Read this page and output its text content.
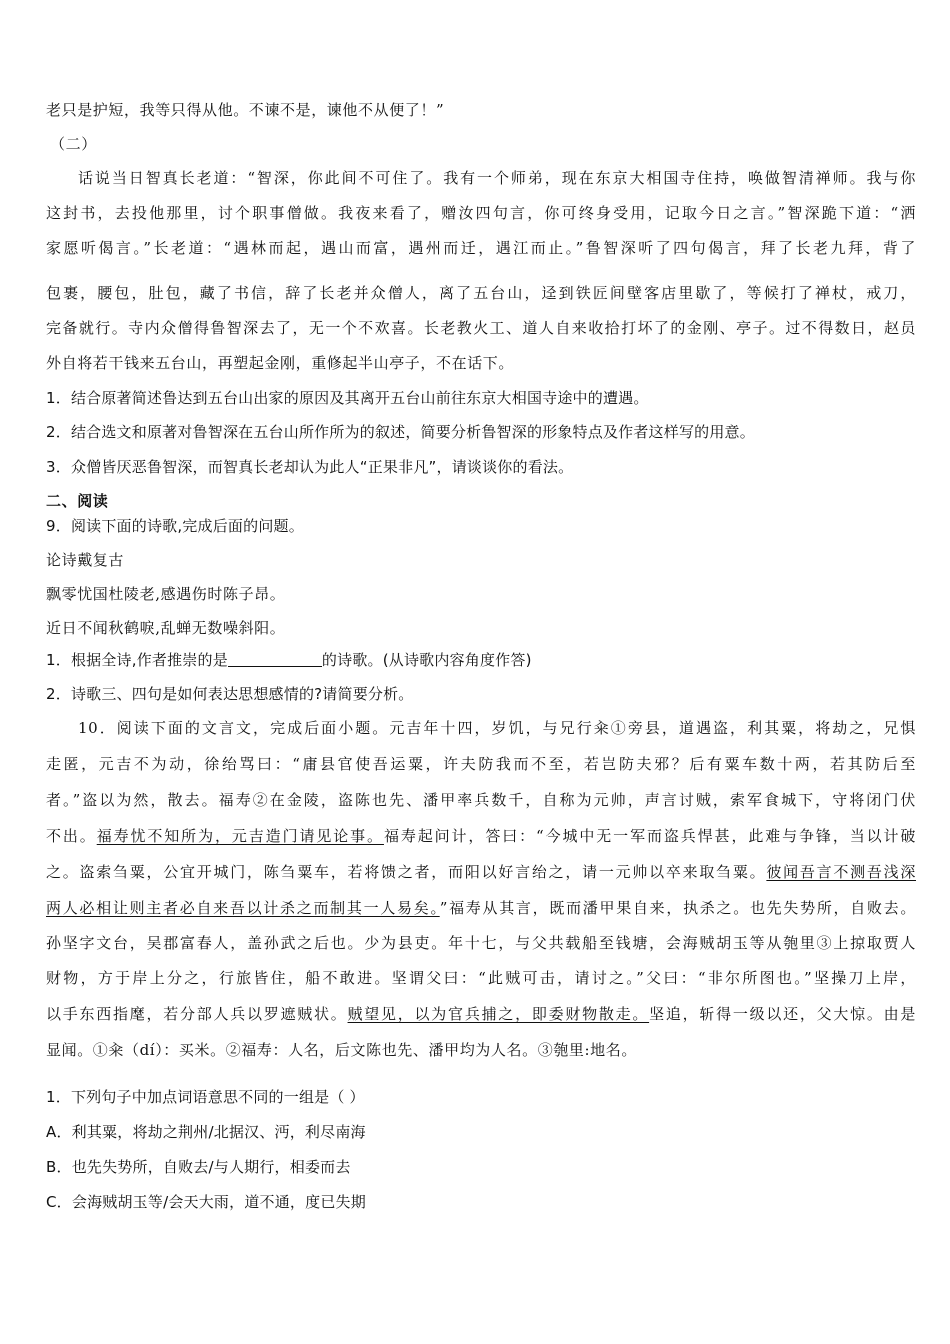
老只是护短，我等只得从他。不谏不是，谏他不从便了！”
（二）
话说当日智真长老道：“智深，你此间不可住了。我有一个师弟，现在东京大相国寺住持，唤做智清禅师。我与你
这封书，去投他那里，讨个职事僧做。我夜来看了，赠汝四句言，你可终身受用，记取今日之言。”智深跪下道：“洒
家愿听偈言。”长老道：“遇林而起，遇山而富，遇州而迁，遇江而止。”鲁智深听了四句偈言，拜了长老九拜，背了
包裹，腰包，肚包，藏了书信，辞了长老并众僧人，离了五台山，迳到铁匠间壁客店里歇了，等候打了禅杖，戒刀，
完备就行。寺内众僧得鲁智深去了，无一个不欢喜。长老教火工、道人自来收拾打坏了的金刚、亭子。过不得数日，赵员
外自将若干钱来五台山，再塑起金刚，重修起半山亭子，不在话下。
1．结合原著简述鲁达到五台山出家的原因及其离开五台山前往东京大相国寺途中的遭遇。
2．结合选文和原著对鲁智深在五台山所作所为的叙述，简要分析鲁智深的形象特点及作者这样写的用意。
3．众僧皆厌恶鲁智深，而智真长老却认为此人“正果非凡”，请谈谈你的看法。
二、阅读
9．阅读下面的诗歌,完成后面的问题。
论诗戴复古
飘零忧国杜陵老,感遇伤时陈子昂。
近日不闻秋鹤唳,乱蝉无数噪斜阳。
1．根据全诗,作者推崇的是	的诗歌。(从诗歌内容角度作答)
2．诗歌三、四句是如何表达思想感情的?请简要分析。
10．阅读下面的文言文，完成后面小题。元吉年十四，岁饥，与兄行籴①旁县，道遇盗，利其粟，将劫之，兄惧
走匿，元吉不为动，徐绐骂曰：“庸县官使吾运粟，许夫防我而不至，若岂防夫邪？后有粟车数十两，若其防后至
者。”盗以为然，散去。福寿②在金陵，盗陈也先、潘甲率兵数千，自称为元帅，声言讨贼，索军食城下，守将闭门伏
不出。福寿忧不知所为，元吉造门请见论事。福寿起问计，答曰：“今城中无一军而盗兵悍甚，此难与争锋，当以计破
之。盗索刍粟，公宜开城门，陈刍粟车，若将馈之者，而阳以好言绐之，请一元帅以卒来取刍粟。彼闻吾言不测吾浅深
两人必相让则主者必自来吾以计杀之而制其一人易矣。”福寿从其言，既而潘甲果自来，执杀之。也先失势所，自败去。
孙坚字文台，吴郡富春人，盖孙武之后也。少为县吏。年十七，与父共载船至钱塘，会海贼胡玉等从匏里③上掠取贾人
财物，方于岸上分之，行旅皆住，船不敢进。坚谓父曰：“此贼可击，请讨之。”父曰：“非尔所图也。”坚操刀上岸，
以手东西指麾，若分部人兵以罗遮贼状。贼望见，以为官兵捕之，即委财物散走。坚追，斩得一级以还，父大惊。由是
显闻。①籴（dí）：买米。②福寿：人名，后文陈也先、潘甲均为人名。③匏里:地名。
1．下列句子中加点词语意思不同的一组是（ ）
A．利其粟，将劫之荆州/北据汉、沔，利尽南海
B．也先失势所，自败去/与人期行，相委而去
C．会海贼胡玉等/会天大雨，道不通，度已失期
